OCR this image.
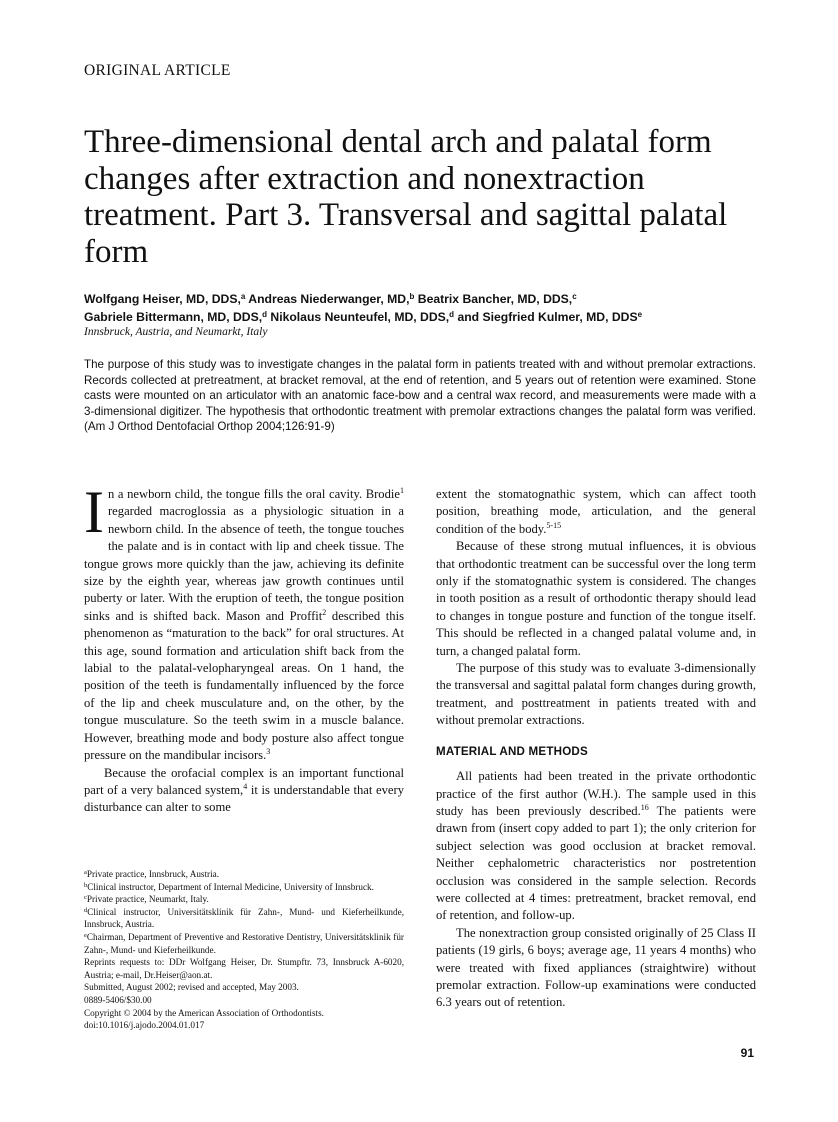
ORIGINAL ARTICLE
Three-dimensional dental arch and palatal form changes after extraction and nonextraction treatment. Part 3. Transversal and sagittal palatal form
Wolfgang Heiser, MD, DDS,$^a$ Andreas Niederwanger, MD,$^b$ Beatrix Bancher, MD, DDS,$^c$
Gabriele Bittermann, MD, DDS,$^d$ Nikolaus Neunteufel, MD, DDS,$^d$ and Siegfried Kulmer, MD, DDS$^e$
Innsbruck, Austria, and Neumarkt, Italy

The purpose of this study was to investigate changes in the palatal form in patients treated with and without premolar extractions. Records collected at pretreatment, at bracket removal, at the end of retention, and 5 years out of retention were examined. Stone casts were mounted on an articulator with an anatomic face-bow and a central wax record, and measurements were made with a 3-dimensional digitizer. The hypothesis that orthodontic treatment with premolar extractions changes the palatal form was verified. (Am J Orthod Dentofacial Orthop 2004;126:91-9)

In a newborn child, the tongue fills the oral cavity. Brodie$^1$ regarded macroglossia as a physiologic situation in a newborn child. In the absence of teeth, the tongue touches the palate and is in contact with lip and cheek tissue. The tongue grows more quickly than the jaw, achieving its definite size by the eighth year, whereas jaw growth continues until puberty or later. With the eruption of teeth, the tongue position sinks and is shifted back. Mason and Proffit$^2$ described this phenomenon as “maturation to the back” for oral structures. At this age, sound formation and articulation shift back from the labial to the palatal-velopharyngeal areas. On 1 hand, the position of the teeth is fundamentally influenced by the force of the lip and cheek musculature and, on the other, by the tongue musculature. So the teeth swim in a muscle balance. However, breathing mode and body posture also affect tongue pressure on the mandibular incisors.$^3$

Because the orofacial complex is an important functional part of a very balanced system,$^4$ it is understandable that every disturbance can alter to some

$^a$Private practice, Innsbruck, Austria.
$^b$Clinical instructor, Department of Internal Medicine, University of Innsbruck.
$^c$Private practice, Neumarkt, Italy.
$^d$Clinical instructor, Universitätsklinik für Zahn-, Mund- und Kieferheilkunde, Innsbruck, Austria.
$^e$Chairman, Department of Preventive and Restorative Dentistry, Universitätsklinik für Zahn-, Mund- und Kieferheilkunde.
Reprints requests to: DDr Wolfgang Heiser, Dr. Stumpftr. 73, Innsbruck A-6020, Austria; e-mail, Dr.Heiser@aon.at.
Submitted, August 2002; revised and accepted, May 2003.
0889-5406/$30.00
Copyright © 2004 by the American Association of Orthodontists.
doi:10.1016/j.ajodo.2004.01.017

extent the stomatognathic system, which can affect tooth position, breathing mode, articulation, and the general condition of the body.$^{5-15}$

Because of these strong mutual influences, it is obvious that orthodontic treatment can be successful over the long term only if the stomatognathic system is considered. The changes in tooth position as a result of orthodontic therapy should lead to changes in tongue posture and function of the tongue itself. This should be reflected in a changed palatal volume and, in turn, a changed palatal form.

The purpose of this study was to evaluate 3-dimensionally the transversal and sagittal palatal form changes during growth, treatment, and posttreatment in patients treated with and without premolar extractions.

MATERIAL AND METHODS

All patients had been treated in the private orthodontic practice of the first author (W.H.). The sample used in this study has been previously described.$^{16}$ The patients were drawn from (insert copy added to part 1); the only criterion for subject selection was good occlusion at bracket removal. Neither cephalometric characteristics nor postretention occlusion was considered in the sample selection. Records were collected at 4 times: pretreatment, bracket removal, end of retention, and follow-up.

The nonextraction group consisted originally of 25 Class II patients (19 girls, 6 boys; average age, 11 years 4 months) who were treated with fixed appliances (straightwire) without premolar extraction. Follow-up examinations were conducted 6.3 years out of retention.

91
